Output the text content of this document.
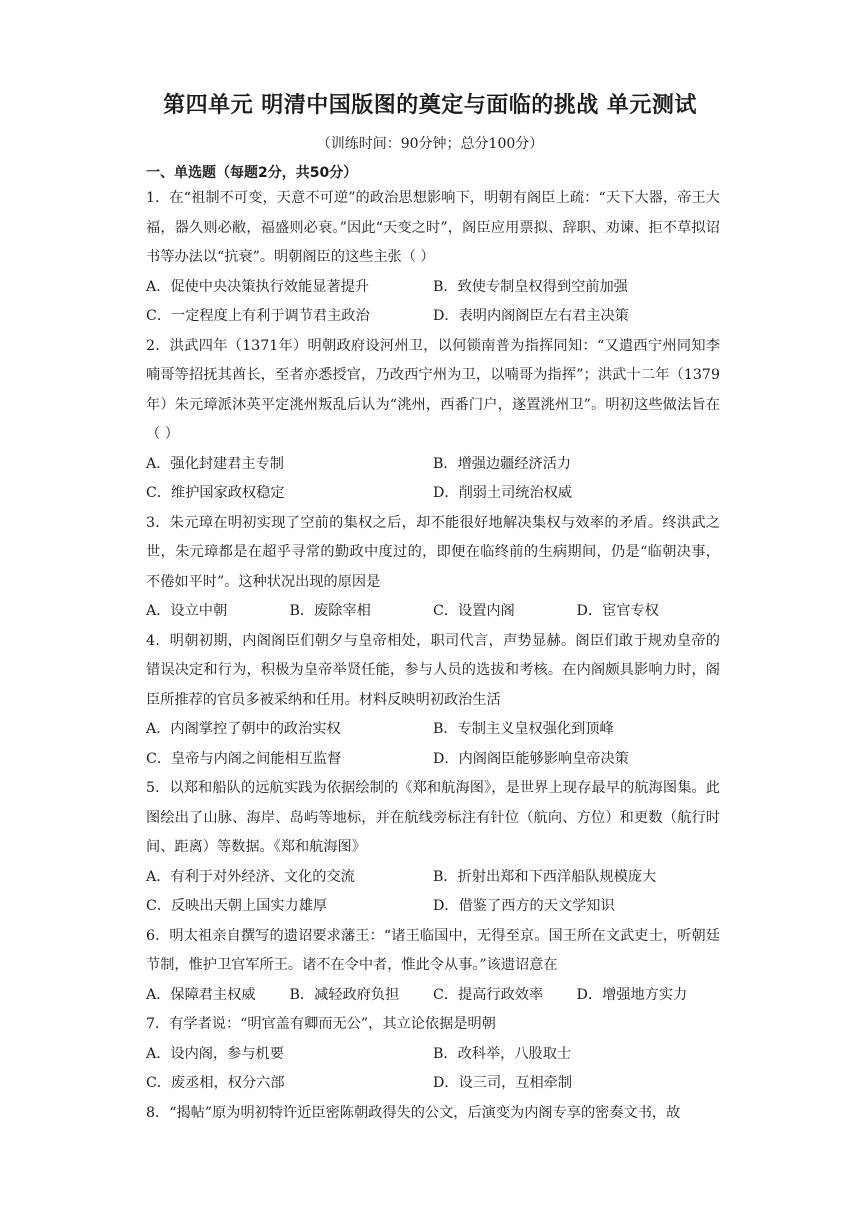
第四单元 明清中国版图的奠定与面临的挑战 单元测试
（训练时间：90分钟；总分100分）
一、单选题（每题2分，共50分）

1．在“祖制不可变，天意不可逆”的政治思想影响下，明朝有阁臣上疏：“天下大器，帝王大福，器久则必敝，福盛则必衰。”因此“天变之时”，阁臣应用票拟、辞职、劝谏、拒不草拟诏书等办法以“抗衰”。明朝阁臣的这些主张（ ）

A．促使中央决策执行效能显著提升	B．致使专制皇权得到空前加强
C．一定程度上有利于调节君主政治	D．表明内阁阁臣左右君主决策

2．洪武四年（1371年）明朝政府设河州卫，以何锁南普为指挥同知：“又遣西宁州同知李喃哥等招抚其酋长，至者亦悉授官，乃改西宁州为卫，以喃哥为指挥”；洪武十二年（1379年）朱元璋派沐英平定洮州叛乱后认为“洮州，西番门户，遂置洮州卫”。明初这些做法旨在（ ）

A．强化封建君主专制	B．增强边疆经济活力
C．维护国家政权稳定	D．削弱土司统治权威

3．朱元璋在明初实现了空前的集权之后，却不能很好地解决集权与效率的矛盾。终洪武之世，朱元璋都是在超乎寻常的勤政中度过的，即便在临终前的生病期间，仍是“临朝决事，不倦如平时”。这种状况出现的原因是

A．设立中朝	B．废除宰相	C．设置内阁	D．宦官专权

4．明朝初期，内阁阁臣们朝夕与皇帝相处，职司代言，声势显赫。阁臣们敢于规劝皇帝的错误决定和行为，积极为皇帝举贤任能，参与人员的选拔和考核。在内阁颇具影响力时，阁臣所推荐的官员多被采纳和任用。材料反映明初政治生活

A．内阁掌控了朝中的政治实权	B．专制主义皇权强化到顶峰
C．皇帝与内阁之间能相互监督	D．内阁阁臣能够影响皇帝决策

5．以郑和船队的远航实践为依据绘制的《郑和航海图》，是世界上现存最早的航海图集。此图绘出了山脉、海岸、岛屿等地标，并在航线旁标注有针位（航向、方位）和更数（航行时间、距离）等数据。《郑和航海图》

A．有利于对外经济、文化的交流	B．折射出郑和下西洋船队规模庞大
C．反映出天朝上国实力雄厚	D．借鉴了西方的天文学知识

6．明太祖亲自撰写的遗诏要求藩王：“诸王临国中，无得至京。国王所在文武吏士，听朝廷节制，惟护卫官军所王。诸不在令中者，惟此令从事。”该遗诏意在

A．保障君主权威	B．减轻政府负担	C．提高行政效率	D．增强地方实力

7．有学者说：“明官盖有卿而无公”，其立论依据是明朝

A．设内阁，参与机要	B．改科举，八股取士
C．废丞相，权分六部	D．设三司，互相牵制

8．“揭帖”原为明初特许近臣密陈朝政得失的公文，后演变为内阁专享的密奏文书，故
